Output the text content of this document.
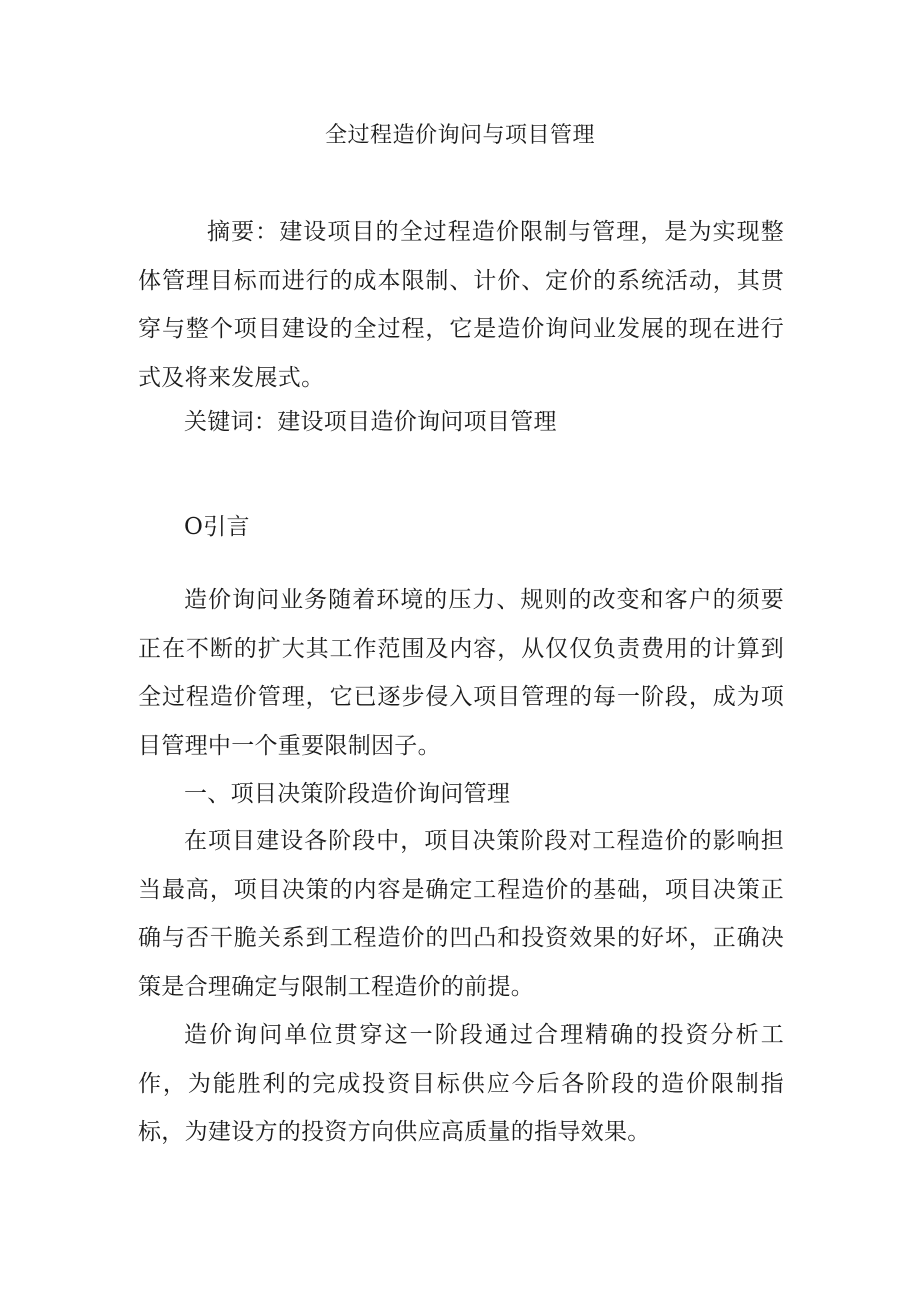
全过程造价询问与项目管理

摘要：建设项目的全过程造价限制与管理，是为实现整体管理目标而进行的成本限制、计价、定价的系统活动，其贯穿与整个项目建设的全过程，它是造价询问业发展的现在进行式及将来发展式。

关键词：建设项目造价询问项目管理

O引言

造价询问业务随着环境的压力、规则的改变和客户的须要正在不断的扩大其工作范围及内容，从仅仅负责费用的计算到全过程造价管理，它已逐步侵入项目管理的每一阶段，成为项目管理中一个重要限制因子。

一、项目决策阶段造价询问管理

在项目建设各阶段中，项目决策阶段对工程造价的影响担当最高，项目决策的内容是确定工程造价的基础，项目决策正确与否干脆关系到工程造价的凹凸和投资效果的好坏，正确决策是合理确定与限制工程造价的前提。

造价询问单位贯穿这一阶段通过合理精确的投资分析工作，为能胜利的完成投资目标供应今后各阶段的造价限制指标，为建设方的投资方向供应高质量的指导效果。
